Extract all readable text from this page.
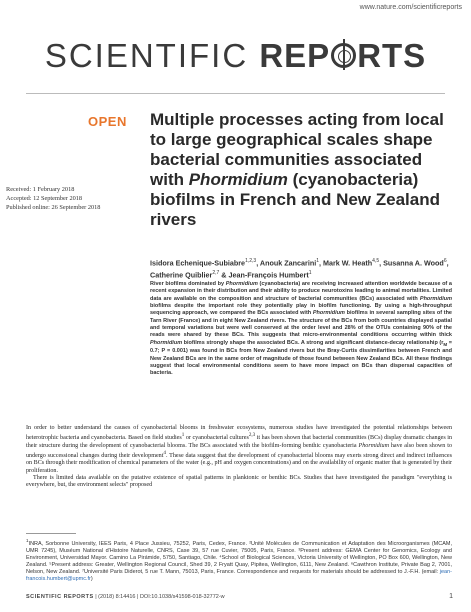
www.nature.com/scientificreports
SCIENTIFIC REP RTS
OPEN Multiple processes acting from local to large geographical scales shape bacterial communities associated with Phormidium (cyanobacteria) biofilms in French and New Zealand rivers
Received: 1 February 2018
Accepted: 12 September 2018
Published online: 26 September 2018
Isidora Echenique-Subiabre$^{1,2,3}$, Anouk Zancarini$^1$, Mark W. Heath$^{4,5}$, Susanna A. Wood$^6$,
Catherine Quiblier$^{2,7}$ & Jean-François Humbert$^1$
River biofilms dominated by Phormidium (cyanobacteria) are receiving increased attention worldwide because of a recent expansion in their distribution and their ability to produce neurotoxins leading to animal mortalities. Limited data are available on the composition and structure of bacterial communities (BCs) associated with Phormidium biofilms despite the important role they potentially play in biofilm functioning. By using a high-throughput sequencing approach, we compared the BCs associated with Phormidium biofilms in several sampling sites of the Tarn River (France) and in eight New Zealand rivers. The structure of the BCs from both countries displayed spatial and temporal variations but were well conserved at the order level and 28% of the OTUs containing 90% of the reads were shared by these BCs. This suggests that micro-environmental conditions occurring within thick Phormidium biofilms strongly shape the associated BCs. A strong and significant distance-decay relationship ($r_M = 0.7$; P = 0.001) was found in BCs from New Zealand rivers but the Bray-Curtis dissimilarities between French and New Zealand BCs are in the same order of magnitude of those found between New Zealand BCs. All these findings suggest that local environmental conditions seem to have more impact on BCs than dispersal capacities of bacteria.

In order to better understand the causes of cyanobacterial blooms in freshwater ecosystems, numerous studies have investigated the potential relationships between heterotrophic bacteria and cyanobacteria. Based on field studies$^1$ or cyanobacterial cultures$^{2,3}$ it has been shown that bacterial communities (BCs) display dramatic changes in their structure during the development of cyanobacterial blooms. The BCs associated with the biofilm-forming benthic cyanobacteria Phormidium have also been shown to undergo successional changes during their development$^4$. These data suggest that the development of cyanobacterial blooms may exerts strong direct and indirect influences on BCs through their modification of chemical parameters of the water (e.g., pH and oxygen concentrations) and on the availability of organic matter that is generated by their proliferation.

There is limited data available on the putative existence of spatial patterns in planktonic or benthic BCs. Studies that have investigated the paradigm "everything is everywhere, but, the environment selects" proposed

$^1$INRA, Sorbonne University, IEES Paris, 4 Place Jussieu, 75252, Paris, Cedex, France. ²Unité Molécules de Communication et Adaptation des Microorganismes (MCAM, UMR 7245), Muséum National d'Histoire Naturelle, CNRS, Case 39, 57 rue Cuvier, 75005, Paris, France. ³Present address: GEMA Center for Genomics, Ecology and Environment, Universidad Mayor. Camino La Pirámide, 5750, Santiago, Chile. ⁴School of Biological Sciences, Victoria University of Wellington, PO Box 600, Wellington, New Zealand. ⁵Present address: Greater, Wellington Regional Council, Shed 39, 2 Fryatt Quay, Pipitea, Wellington, 6111, New Zealand. ⁶Cawthron Institute, Private Bag 2, 7001, Nelson, New Zealand. ⁷Université Paris Diderot, 5 rue T. Mann, 75013, Paris, France. Correspondence and requests for materials should be addressed to J.-F.H. (email: jean-francois.humbert@upmc.fr)
SCIENTIFIC REPORTS | (2018) 8:14416 | DOI:10.1038/s41598-018-32772-w	1
